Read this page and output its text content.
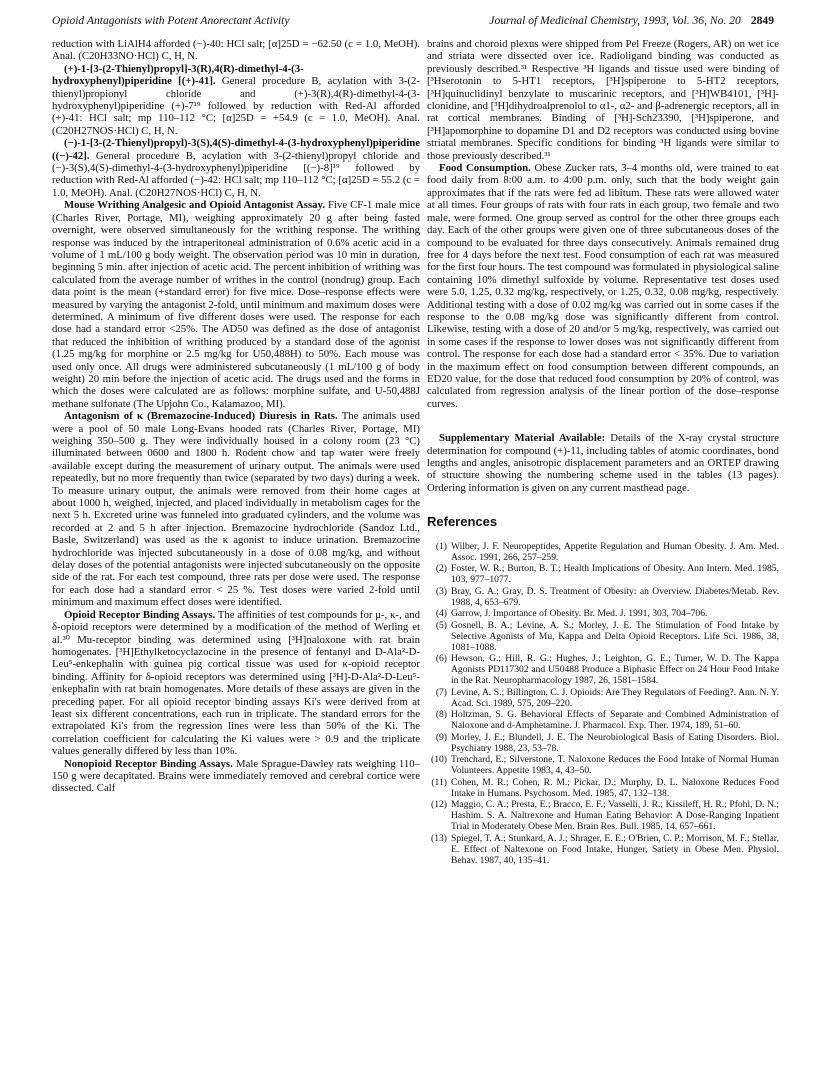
Opioid Antagonists with Potent Anorectant Activity	Journal of Medicinal Chemistry, 1993, Vol. 36, No. 20 2849

reduction with LiAlH4 afforded (−)-40: HCl salt; [α]25D = −62.50 (c = 1.0, MeOH). Anal. (C20H33NO·HCl) C, H, N.

(+)-1-[3-(2-Thienyl)propyl]-3(R),4(R)-dimethyl-4-(3-hydroxyphenyl)piperidine [(+)-41]. General procedure B, acylation with 3-(2-thienyl)propionyl chloride and (+)-3(R),4(R)-dimethyl-4-(3-hydroxyphenyl)piperidine (+)-7¹⁹ followed by reduction with Red-Al afforded (+)-41: HCl salt; mp 110–112 °C; [α]25D = +54.9 (c = 1.0, MeOH). Anal. (C20H27NOS·HCl) C, H, N.

(−)-1-[3-(2-Thienyl)propyl)-3(S),4(S)-dimethyl-4-(3-hydroxyphenyl)piperidine ((−)-42]. General procedure B, acylation with 3-(2-thienyl)propyl chloride and (−)-3(S),4(S)-dimethyl-4-(3-hydroxyphenyl)piperidine [(−)-8]¹⁹ followed by reduction with Red-Al afforded (−)-42: HCl salt; mp 110–112 °C; [α]25D = 55.2 (c = 1.0, MeOH). Anal. (C20H27NOS·HCl) C, H, N.

Mouse Writhing Analgesic and Opioid Antagonist Assay. Five CF-1 male mice (Charles River, Portage, MI), weighing approximately 20 g after being fasted overnight, were observed simultaneously for the writhing response. The writhing response was induced by the intraperitoneal administration of 0.6% acetic acid in a volume of 1 mL/100 g body weight. The observation period was 10 min in duration, beginning 5 min. after injection of acetic acid. The percent inhibition of writhing was calculated from the average number of writhes in the control (nondrug) group. Each data point is the mean (+standard error) for five mice. Dose–response effects were measured by varying the antagonist 2-fold, until minimum and maximum doses were determined. A minimum of five different doses were used. The response for each dose had a standard error <25%. The AD50 was defined as the dose of antagonist that reduced the inhibition of writhing produced by a standard dose of the agonist (1.25 mg/kg for morphine or 2.5 mg/kg for U50,488H) to 50%. Each mouse was used only once. All drugs were administered subcutaneously (1 mL/100 g of body weight) 20 min before the injection of acetic acid. The drugs used and the forms in which the doses were calculated are as follows: morphine sulfate, and U-50,488J methane sulfonate (The Upjohn Co., Kalamazoo, MI).

Antagonism of κ (Bremazocine-Induced) Diuresis in Rats. The animals used were a pool of 50 male Long-Evans hooded rats (Charles River, Portage, MI) weighing 350–500 g. They were individually housed in a colony room (23 °C) illuminated between 0600 and 1800 h. Rodent chow and tap water were freely available except during the measurement of urinary output. The animals were used repeatedly, but no more frequently than twice (separated by two days) during a week. To measure urinary output, the animals were removed from their home cages at about 1000 h, weighed, injected, and placed individually in metabolism cages for the next 5 h. Excreted urine was funneled into graduated cylinders, and the volume was recorded at 2 and 5 h after injection. Bremazocine hydrochloride (Sandoz Ltd., Basle, Switzerland) was used as the κ agonist to induce urination. Bremazocine hydrochloride was injected subcutaneously in a dose of 0.08 mg/kg, and without delay doses of the potential antagonists were injected subcutaneously on the opposite side of the rat. For each test compound, three rats per dose were used. The response for each dose had a standard error < 25 %. Test doses were varied 2-fold until minimum and maximum effect doses were identified.

Opioid Receptor Binding Assays. The affinities of test compounds for μ-, κ-, and δ-opioid receptors were determined by a modification of the method of Werling et al.³⁰ Mu-receptor binding was determined using [³H]naloxone with rat brain homogenates. [³H]Ethylketocyclazocine in the presence of fentanyl and D-Ala²-D-Leu⁵-enkephalin with guinea pig cortical tissue was used for κ-opioid receptor binding. Affinity for δ-opioid receptors was determined using [³H]-D-Ala²-D-Leu⁵-enkephalin with rat brain homogenates. More details of these assays are given in the preceding paper. For all opioid receptor binding assays Ki's were derived from at least six different concentrations, each run in triplicate. The standard errors for the extrapolated Ki's from the regression lines were less than 50% of the Ki. The correlation coefficient for calculating the Ki values were > 0.9 and the triplicate values generally differed by less than 10%.

Nonopioid Receptor Binding Assays. Male Sprague-Dawley rats weighing 110–150 g were decapitated. Brains were immediately removed and cerebral cortice were dissected. Calf

brains and choroid plexus were shipped from Pel Freeze (Rogers, AR) on wet ice and striata were dissected over ice. Radioligand binding was conducted as previously described.³¹ Respective ³H ligands and tissue used were binding of [³Hserotonin to 5-HT1 receptors, [³H]spiperone to 5-HT2 receptors, [³H]quinuclidinyl benzylate to muscarinic receptors, and [³H]WB4101, [³H]-clonidine, and [³H]dihydroalprenolol to α1-, α2- and β-adrenergic receptors, all in rat cortical membranes. Binding of [³H]-Sch23390, [³H]spiperone, and [³H]apomorphine to dopamine D1 and D2 receptors was conducted using bovine striatal membranes. Specific conditions for binding ³H ligands were similar to those previously described.³¹

Food Consumption. Obese Zucker rats, 3–4 months old, were trained to eat food daily from 8:00 a.m. to 4:00 p.m. only, such that the body weight gain approximates that if the rats were fed ad libitum. These rats were allowed water at all times. Four groups of rats with four rats in each group, two female and two male, were formed. One group served as control for the other three groups each day. Each of the other groups were given one of three subcutaneous doses of the compound to be evaluated for three days consecutively. Animals remained drug free for 4 days before the next test. Food consumption of each rat was measured for the first four hours. The test compound was formulated in physiological saline containing 10% dimethyl sulfoxide by volume. Representative test doses used were 5.0, 1.25, 0.32 mg/kg, respectively, or 1.25, 0.32, 0.08 mg/kg, respectively. Additional testing with a dose of 0.02 mg/kg was carried out in some cases if the response to the 0.08 mg/kg dose was significantly different from control. Likewise, testing with a dose of 20 and/or 5 mg/kg, respectively, was carried out in some cases if the response to lower doses was not significantly different from control. The response for each dose had a standard error < 35%. Due to variation in the maximum effect on food consumption between different compounds, an ED20 value, for the dose that reduced food consumption by 20% of control, was calculated from regression analysis of the linear portion of the dose–response curves.

Supplementary Material Available: Details of the X-ray crystal structure determination for compound (+)-11, including tables of atomic coordinates, bond lengths and angles, anisotropic displacement parameters and an ORTEP drawing of structure showing the numbering scheme used in the tables (13 pages). Ordering information is given on any current masthead page.

References
(1) Wilber, J. F. Neuropeptides, Appetite Regulation and Human Obesity. J. Am. Med. Assoc. 1991, 266, 257–259.
(2) Foster, W. R.; Burton, B. T.; Health Implications of Obesity. Ann Intern. Med. 1985, 103, 977–1077.
(3) Bray, G. A.; Gray, D. S. Treatment of Obesity: an Overview. Diabetes/Metab. Rev. 1988, 4, 653–679.
(4) Garrow, J. Importance of Obesity. Br. Med. J. 1991, 303, 704–706.
(5) Gosnell, B. A.; Levine, A. S.; Morley, J. E. The Stimulation of Food Intake by Selective Agonists of Mu, Kappa and Delta Opioid Receptors. Life Sci. 1986, 38, 1081–1088.
(6) Hewson, G.; Hill, R. G.; Hughes, J.; Leighton, G. E.; Turner, W. D. The Kappa Agonists PD117302 and U50488 Produce a Biphasic Effect on 24 Hour Food Intake in the Rat. Neuropharmacology 1987, 26, 1581–1584.
(7) Levine, A. S.; Billington, C. J. Opioids: Are They Regulators of Feeding?. Ann. N. Y. Acad. Sci. 1989, 575, 209–220.
(8) Holtzman, S. G. Behavioral Effects of Separate and Combined Administration of Naloxone and d-Amphetamine. J. Pharmacol. Exp. Ther. 1974, 189, 51–60.
(9) Morley, J. E.; Blundell, J. E. The Neurobiological Basis of Eating Disorders. Biol. Psychiatry 1988, 23, 53–78.
(10) Trenchard, E.; Silverstone, T. Naloxone Reduces the Food Intake of Normal Human Volunteers. Appetite 1983, 4, 43–50.
(11) Cohen, M. R.; Cohen, R. M.; Pickar, D.; Murphy, D. L. Naloxone Reduces Food Intake in Humans. Psychosom. Med. 1985, 47, 132–138.
(12) Maggio, C. A.; Presta, E.; Bracco, E. F.; Vasselli, J. R.; Kissileff, H. R.; Pfohl, D. N.; Hashim. S. A. Naltrexone and Human Eating Behavior: A Dose-Ranging Inpatient Trial in Moderately Obese Men. Brain Res. Bull. 1985, 14, 657–661.
(13) Spiegel, T. A.; Stunkard, A. J.; Shrager, E. E.; O'Brien, C. P.; Morrison, M. F.; Stellar, E. Effect of Naltexone on Food Intake, Hunger, Satiety in Obese Men. Physiol. Behav. 1987, 40, 135–41.
